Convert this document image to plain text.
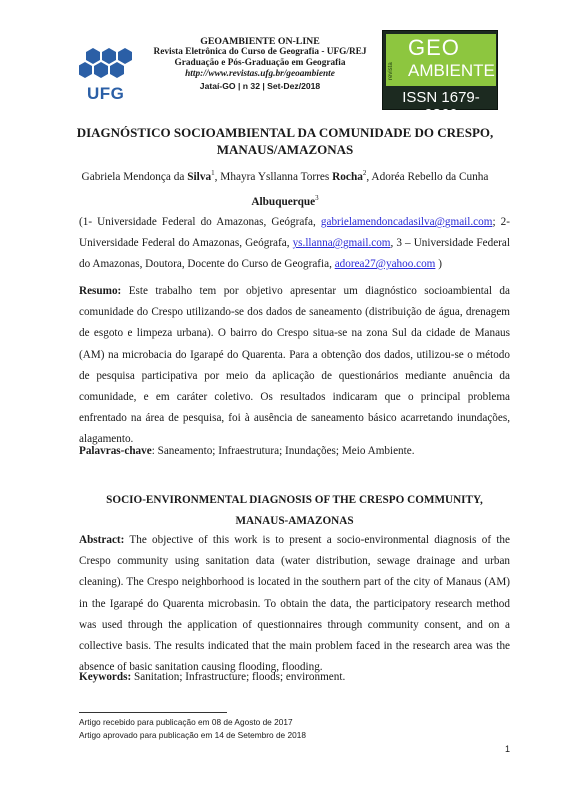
UFG
GEOAMBIENTE ON-LINE
Revista Eletrônica do Curso de Geografia - UFG/REJ
Graduação e Pós-Graduação em Geografia
http://www.revistas.ufg.br/geoambiente
Jataí-GO | n 32 | Set-Dez/2018
revista
GEO
AMBIENTE
ISSN 1679-9860
DIAGNÓSTICO SOCIOAMBIENTAL DA COMUNIDADE DO CRESPO, MANAUS/AMAZONAS
Gabriela Mendonça da Silva$^1$, Mhayra Ysllanna Torres Rocha$^2$, Adoréa Rebello da Cunha Albuquerque$^3$
(1- Universidade Federal do Amazonas, Geógrafa, gabrielamendoncadasilva@gmail.com; 2- Universidade Federal do Amazonas, Geógrafa, ys.llanna@gmail.com, 3 – Universidade Federal do Amazonas, Doutora, Docente do Curso de Geografia, adorea27@yahoo.com )
Resumo: Este trabalho tem por objetivo apresentar um diagnóstico socioambiental da comunidade do Crespo utilizando-se dos dados de saneamento (distribuição de água, drenagem de esgoto e limpeza urbana). O bairro do Crespo situa-se na zona Sul da cidade de Manaus (AM) na microbacia do Igarapé do Quarenta. Para a obtenção dos dados, utilizou-se o método de pesquisa participativa por meio da aplicação de questionários mediante anuência da comunidade, e em caráter coletivo. Os resultados indicaram que o principal problema enfrentado na área de pesquisa, foi à ausência de saneamento básico acarretando inundações, alagamento.
Palavras-chave: Saneamento; Infraestrutura; Inundações; Meio Ambiente.
SOCIO-ENVIRONMENTAL DIAGNOSIS OF THE CRESPO COMMUNITY, MANAUS-AMAZONAS
Abstract: The objective of this work is to present a socio-environmental diagnosis of the Crespo community using sanitation data (water distribution, sewage drainage and urban cleaning). The Crespo neighborhood is located in the southern part of the city of Manaus (AM) in the Igarapé do Quarenta microbasin. To obtain the data, the participatory research method was used through the application of questionnaires through community consent, and on a collective basis. The results indicated that the main problem faced in the research area was the absence of basic sanitation causing flooding, flooding.
Keywords: Sanitation; Infrastructure; floods; environment.
Artigo recebido para publicação em 08 de Agosto de 2017
Artigo aprovado para publicação em 14 de Setembro de 2018
1
